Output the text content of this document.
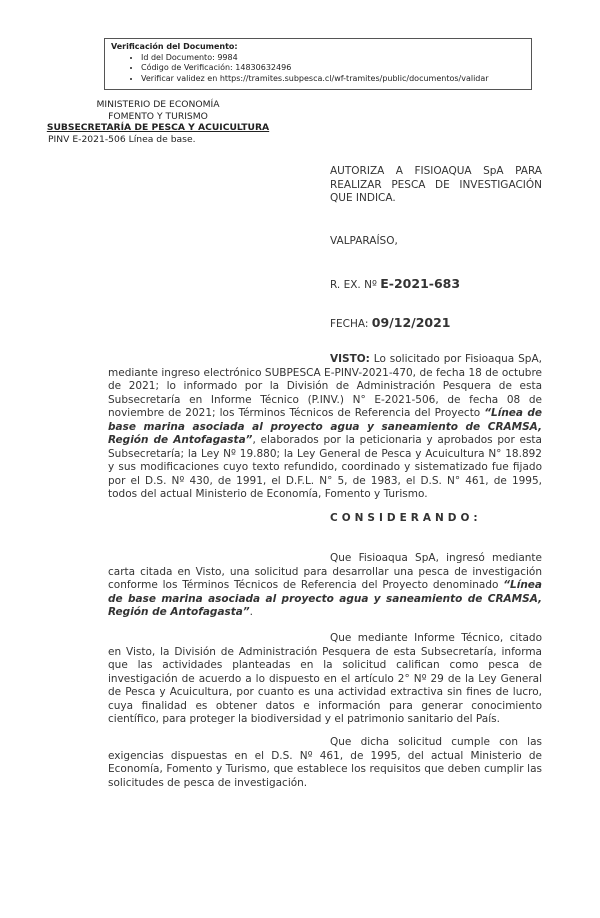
Verificación del Documento:
• Id del Documento: 9984
• Código de Verificación: 14830632496
• Verificar validez en https://tramites.subpesca.cl/wf-tramites/public/documentos/validar
MINISTERIO DE ECONOMÍA
FOMENTO Y TURISMO
SUBSECRETARÍA DE PESCA Y ACUICULTURA
PINV E-2021-506 Línea de base.
AUTORIZA A FISIOAQUA SpA PARA REALIZAR PESCA DE INVESTIGACIÓN QUE INDICA.
VALPARAÍSO,
R. EX. Nº E-2021-683
FECHA: 09/12/2021
VISTO: Lo solicitado por Fisioaqua SpA, mediante ingreso electrónico SUBPESCA E-PINV-2021-470, de fecha 18 de octubre de 2021; lo informado por la División de Administración Pesquera de esta Subsecretaría en Informe Técnico (P.INV.) N° E-2021-506, de fecha 08 de noviembre de 2021; los Términos Técnicos de Referencia del Proyecto “Línea de base marina asociada al proyecto agua y saneamiento de CRAMSA, Región de Antofagasta”, elaborados por la peticionaria y aprobados por esta Subsecretaría; la Ley Nº 19.880; la Ley General de Pesca y Acuicultura N° 18.892 y sus modificaciones cuyo texto refundido, coordinado y sistematizado fue fijado por el D.S. Nº 430, de 1991, el D.F.L. N° 5, de 1983, el D.S. N° 461, de 1995, todos del actual Ministerio de Economía, Fomento y Turismo.
CONSIDERANDO:
Que Fisioaqua SpA, ingresó mediante carta citada en Visto, una solicitud para desarrollar una pesca de investigación conforme los Términos Técnicos de Referencia del Proyecto denominado “Línea de base marina asociada al proyecto agua y saneamiento de CRAMSA, Región de Antofagasta”.
Que mediante Informe Técnico, citado en Visto, la División de Administración Pesquera de esta Subsecretaría, informa que las actividades planteadas en la solicitud califican como pesca de investigación de acuerdo a lo dispuesto en el artículo 2° Nº 29 de la Ley General de Pesca y Acuicultura, por cuanto es una actividad extractiva sin fines de lucro, cuya finalidad es obtener datos e información para generar conocimiento científico, para proteger la biodiversidad y el patrimonio sanitario del País.
Que dicha solicitud cumple con las exigencias dispuestas en el D.S. Nº 461, de 1995, del actual Ministerio de Economía, Fomento y Turismo, que establece los requisitos que deben cumplir las solicitudes de pesca de investigación.
